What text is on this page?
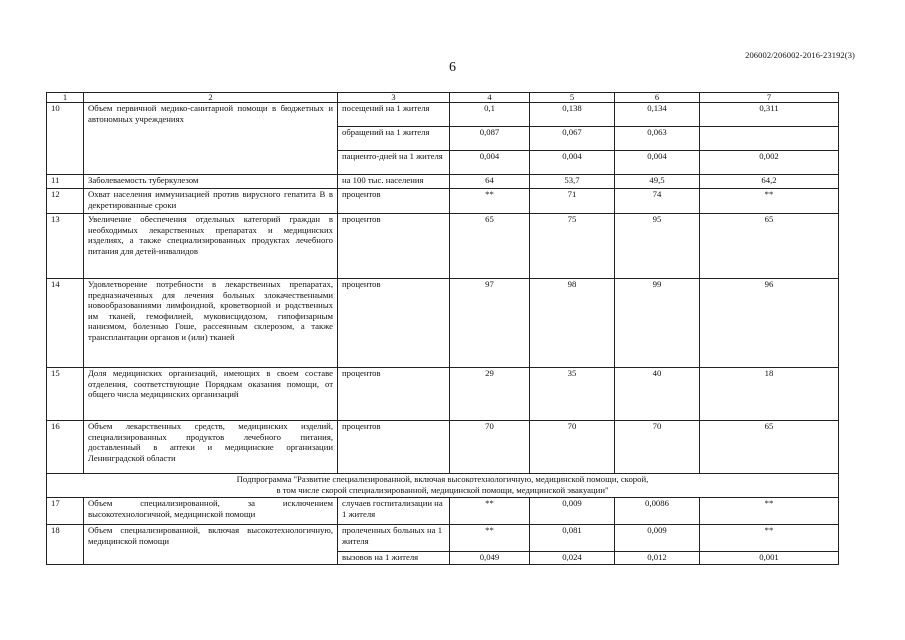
206002/206002-2016-23192(3)
6
1	2	3	4	5	6	7
10	Объем первичной медико-санитарной помощи в бюджетных и автономных учреждениях	посещений на 1 жителя	0,1	0,138	0,134	0,311
		обращений на 1 жителя	0,087	0,067	0,063	
		пациенто-дней на 1 жителя	0,004	0,004	0,004	0,002
11	Заболеваемость туберкулезом	на 100 тыс. населения	64	53,7	49,5	64,2
12	Охват населения иммунизацией против вирусного гепатита В в декретированные сроки	процентов	**	71	74	**
13	Увеличение обеспечения отдельных категорий граждан в необходимых лекарственных препаратах и медицинских изделиях, а также специализированных продуктах лечебного питания для детей-инвалидов	процентов	65	75	95	65
14	Удовлетворение потребности в лекарственных препаратах, предназначенных для лечения больных злокачественными новообразованиями лимфоидной, кроветворной и родственных им тканей, гемофилией, муковисцидозом, гипофизарным нанизмом, болезнью Гоше, рассеянным склерозом, а также трансплантации органов и (или) тканей	процентов	97	98	99	96
15	Доля медицинских организаций, имеющих в своем составе отделения, соответствующие Порядкам оказания помощи, от общего числа медицинских организаций	процентов	29	35	40	18
16	Объем лекарственных средств, медицинских изделий, специализированных продуктов лечебного питания, доставленный в аптеки и медицинские организации Ленинградской области	процентов	70	70	70	65

Подпрограмма "Развитие специализированной, включая высокотехнологичную, медицинской помощи, скорой,
в том числе скорой специализированной, медицинской помощи, медицинской эвакуации"						

17	Объем специализированной, за исключением высокотехнологичной, медицинской помощи	случаев госпитализации на 1 жителя	**	0,009	0,0086	**
18	Объем специализированной, включая высокотехнологичную, медицинской помощи	пролеченных больных на 1 жителя	**	0,081	0,009	**
		вызовов на 1 жителя	0,049	0,024	0,012	0,001
